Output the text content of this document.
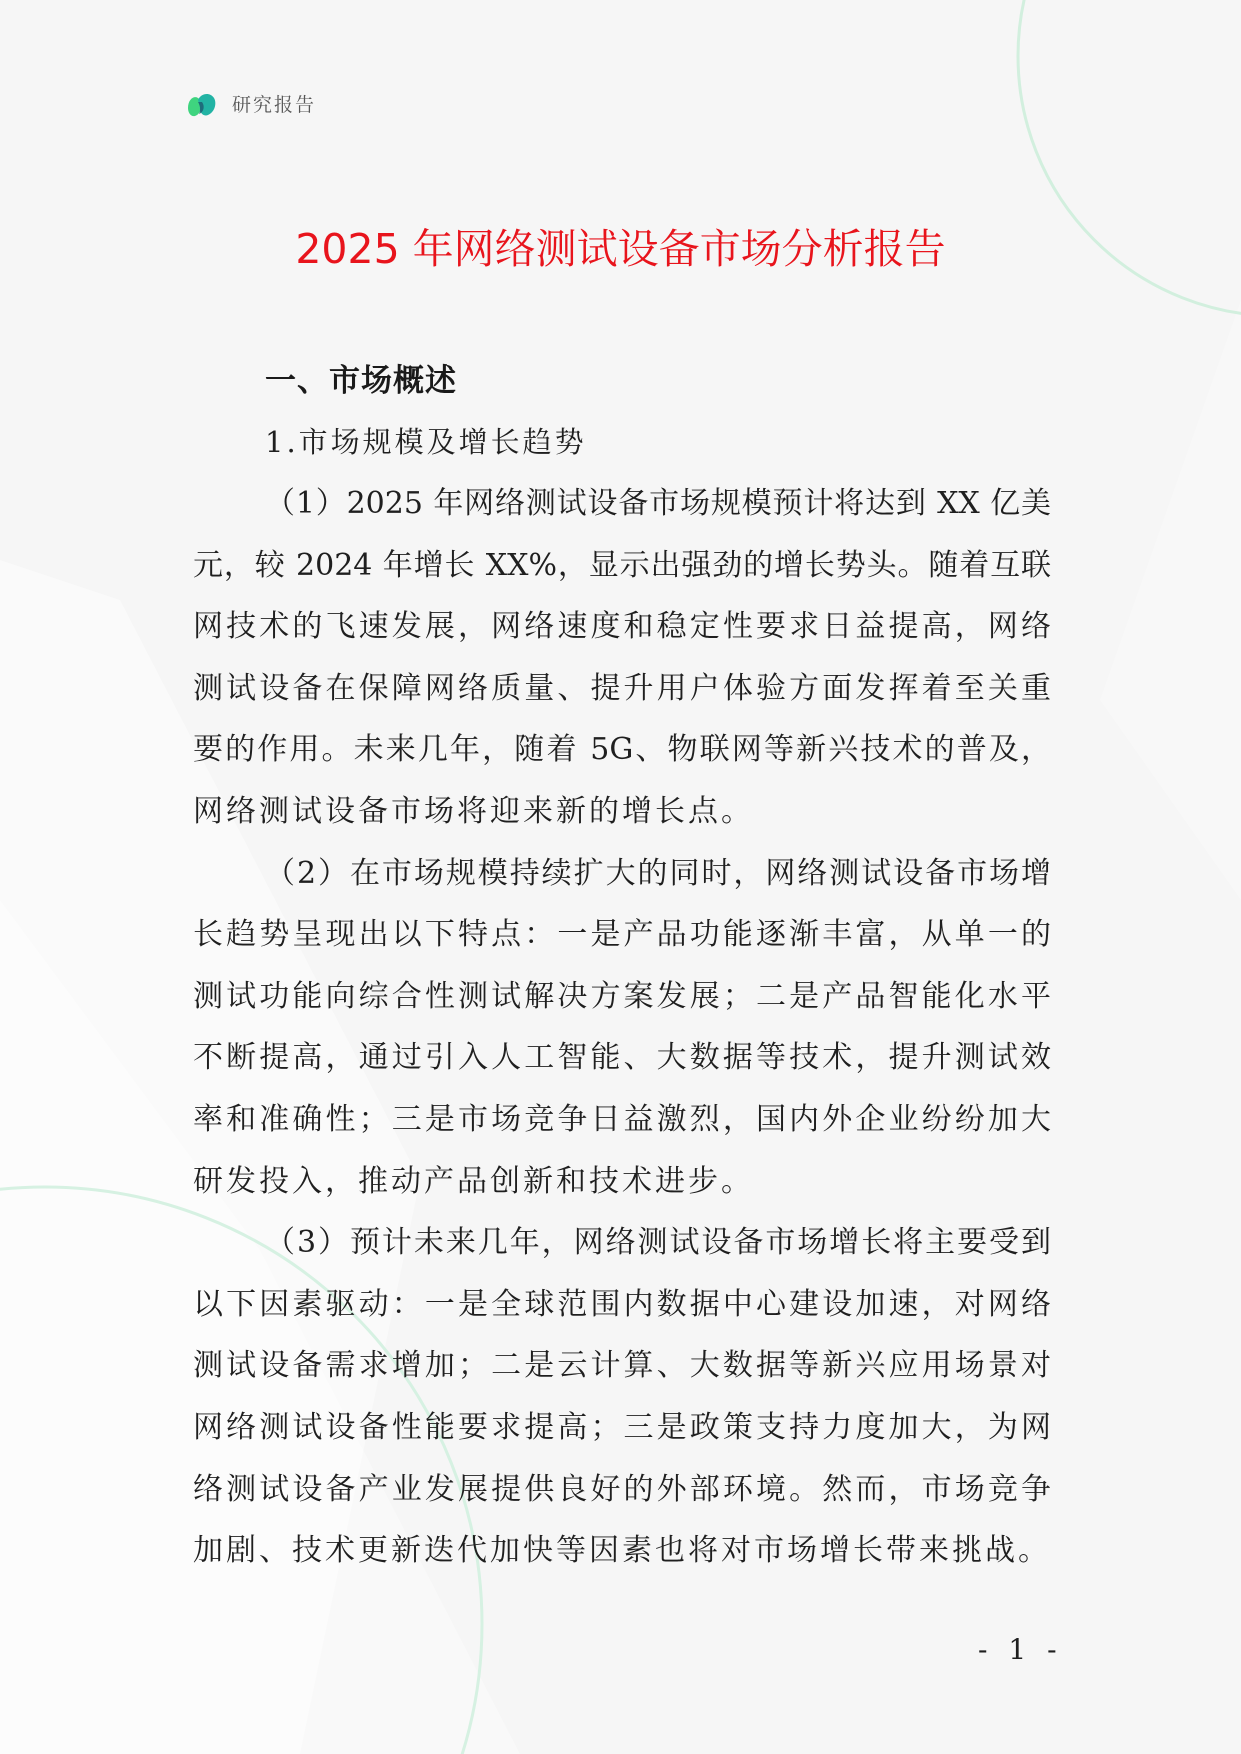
研究报告
2025 年网络测试设备市场分析报告
一、市场概述
1.市场规模及增长趋势
（1）2025 年网络测试设备市场规模预计将达到 XX 亿美
元，较 2024 年增长 XX%，显示出强劲的增长势头。随着互联
网技术的飞速发展，网络速度和稳定性要求日益提高，网络
测试设备在保障网络质量、提升用户体验方面发挥着至关重
要的作用。未来几年，随着 5G、物联网等新兴技术的普及，
网络测试设备市场将迎来新的增长点。
（2）在市场规模持续扩大的同时，网络测试设备市场增
长趋势呈现出以下特点：一是产品功能逐渐丰富，从单一的
测试功能向综合性测试解决方案发展；二是产品智能化水平
不断提高，通过引入人工智能、大数据等技术，提升测试效
率和准确性；三是市场竞争日益激烈，国内外企业纷纷加大
研发投入，推动产品创新和技术进步。
（3）预计未来几年，网络测试设备市场增长将主要受到
以下因素驱动：一是全球范围内数据中心建设加速，对网络
测试设备需求增加；二是云计算、大数据等新兴应用场景对
网络测试设备性能要求提高；三是政策支持力度加大，为网
络测试设备产业发展提供良好的外部环境。然而，市场竞争
加剧、技术更新迭代加快等因素也将对市场增长带来挑战。
- 1 -
